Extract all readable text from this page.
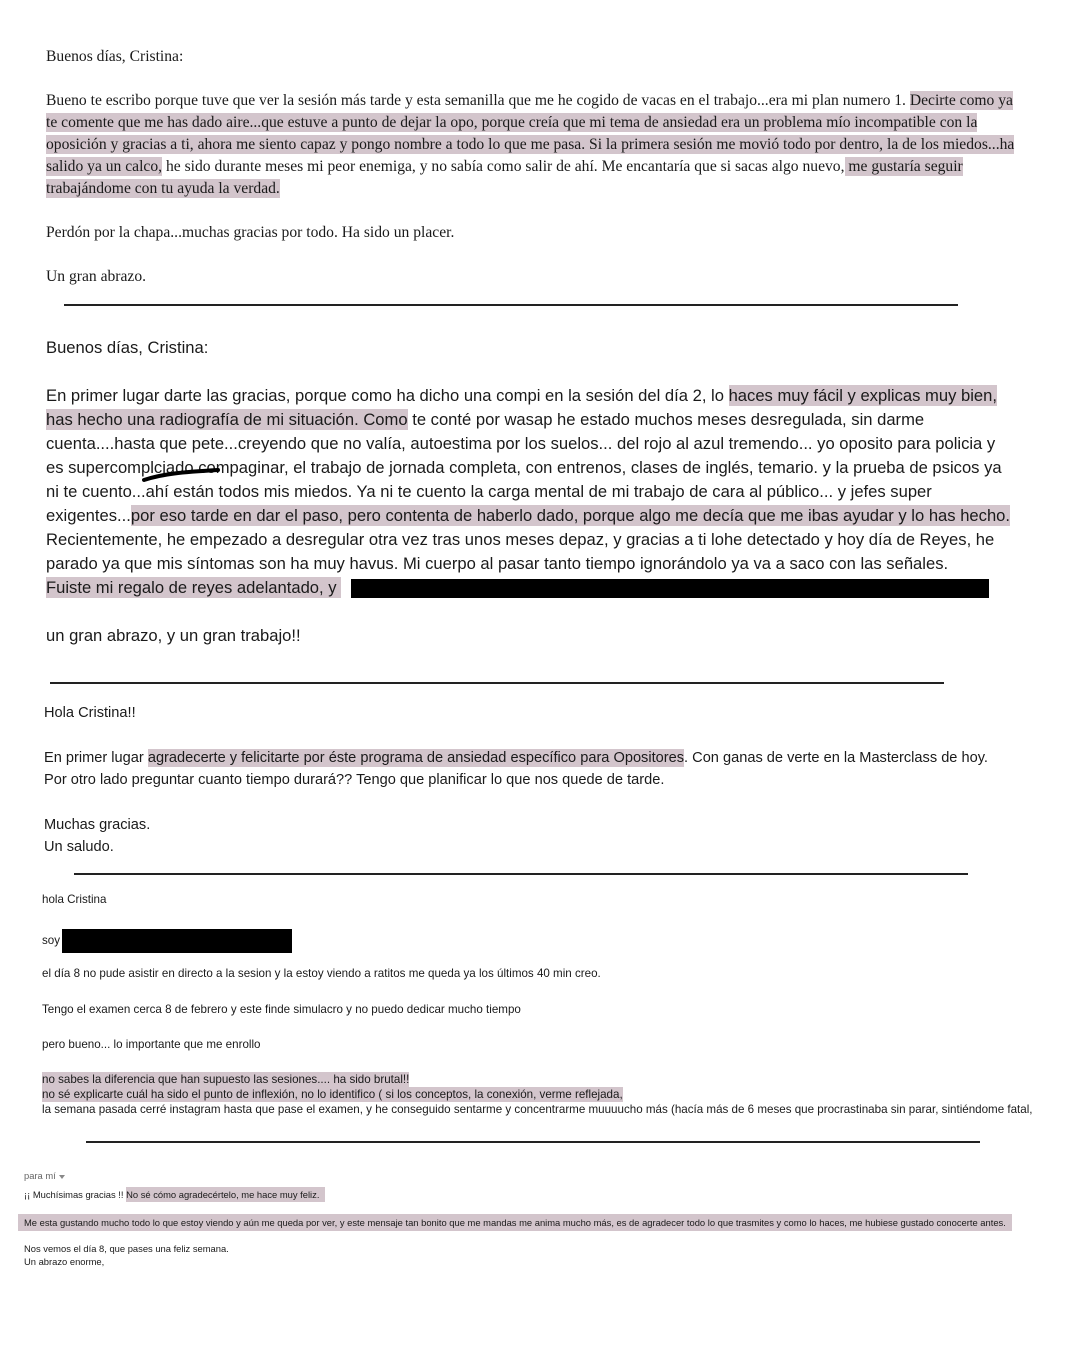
Buenos días, Cristina:

Bueno te escribo porque tuve que ver la sesión más tarde y esta semanilla que me he cogido de vacas en el trabajo...era mi plan numero 1. Decirte como ya te comente que me has dado aire...que estuve a punto de dejar la opo, porque creía que mi tema de ansiedad era un problema mío incompatible con la oposición y gracias a ti, ahora me siento capaz y pongo nombre a todo lo que me pasa. Si la primera sesión me movió todo por dentro, la de los miedos...ha salido ya un calco, he sido durante meses mi peor enemiga, y no sabía como salir de ahí. Me encantaría que si sacas algo nuevo, me gustaría seguir trabajándome con tu ayuda la verdad.

Perdón por la chapa...muchas gracias por todo. Ha sido un placer.

Un gran abrazo.

Buenos días, Cristina:

En primer lugar darte las gracias, porque como ha dicho una compi en la sesión del día 2, lo haces muy fácil y explicas muy bien, has hecho una radiografía de mi situación. Como te conté por wasap he estado muchos meses desregulada, sin darme cuenta....hasta que pete...creyendo que no valía, autoestima por los suelos... del rojo al azul tremendo... yo oposito para policia y es supercomplciado compaginar, el trabajo de jornada completa, con entrenos, clases de inglés, temario. y la prueba de psicos ya ni te cuento...ahí están todos mis miedos. Ya ni te cuento la carga mental de mi trabajo de cara al público... y jefes super exigentes...por eso tarde en dar el paso, pero contenta de haberlo dado, porque algo me decía que me ibas ayudar y lo has hecho. Recientemente, he empezado a desregular otra vez tras unos meses depaz, y gracias a ti lohe detectado y hoy día de Reyes, he parado ya que mis síntomas son ha muy havus. Mi cuerpo al pasar tanto tiempo ignorándolo ya va a saco con las señales.

Fuiste mi regalo de reyes adelantado, y

un gran abrazo, y un gran trabajo!!

Hola Cristina!!

En primer lugar agradecerte y felicitarte por éste programa de ansiedad específico para Opositores. Con ganas de verte en la Masterclass de hoy.

Por otro lado preguntar cuanto tiempo durará?? Tengo que planificar lo que nos quede de tarde.

Muchas gracias.

Un saludo.

hola Cristina

soy

el día 8 no pude asistir en directo a la sesion y la estoy viendo a ratitos me queda ya los últimos 40 min creo.

Tengo el examen cerca 8 de febrero y este finde simulacro y no puedo dedicar mucho tiempo

pero bueno... lo importante que me enrollo

no sabes la diferencia que han supuesto las sesiones.... ha sido brutal!!

no sé explicarte cuál ha sido el punto de inflexión, no lo identifico ( si los conceptos, la conexión, verme reflejada,

la semana pasada cerré instagram hasta que pase el examen, y he conseguido sentarme y concentrarme muuuucho más (hacía más de 6 meses que procrastinaba sin parar, sintiéndome fatal,

para mí

¡¡ Muchísimas gracias !! No sé cómo agradecértelo, me hace muy feliz.

Me esta gustando mucho todo lo que estoy viendo y aún me queda por ver, y este mensaje tan bonito que me mandas me anima mucho más, es de agradecer todo lo que trasmites y como lo haces, me hubiese gustado conocerte antes.

Nos vemos el día 8, que pases una feliz semana.

Un abrazo enorme,
